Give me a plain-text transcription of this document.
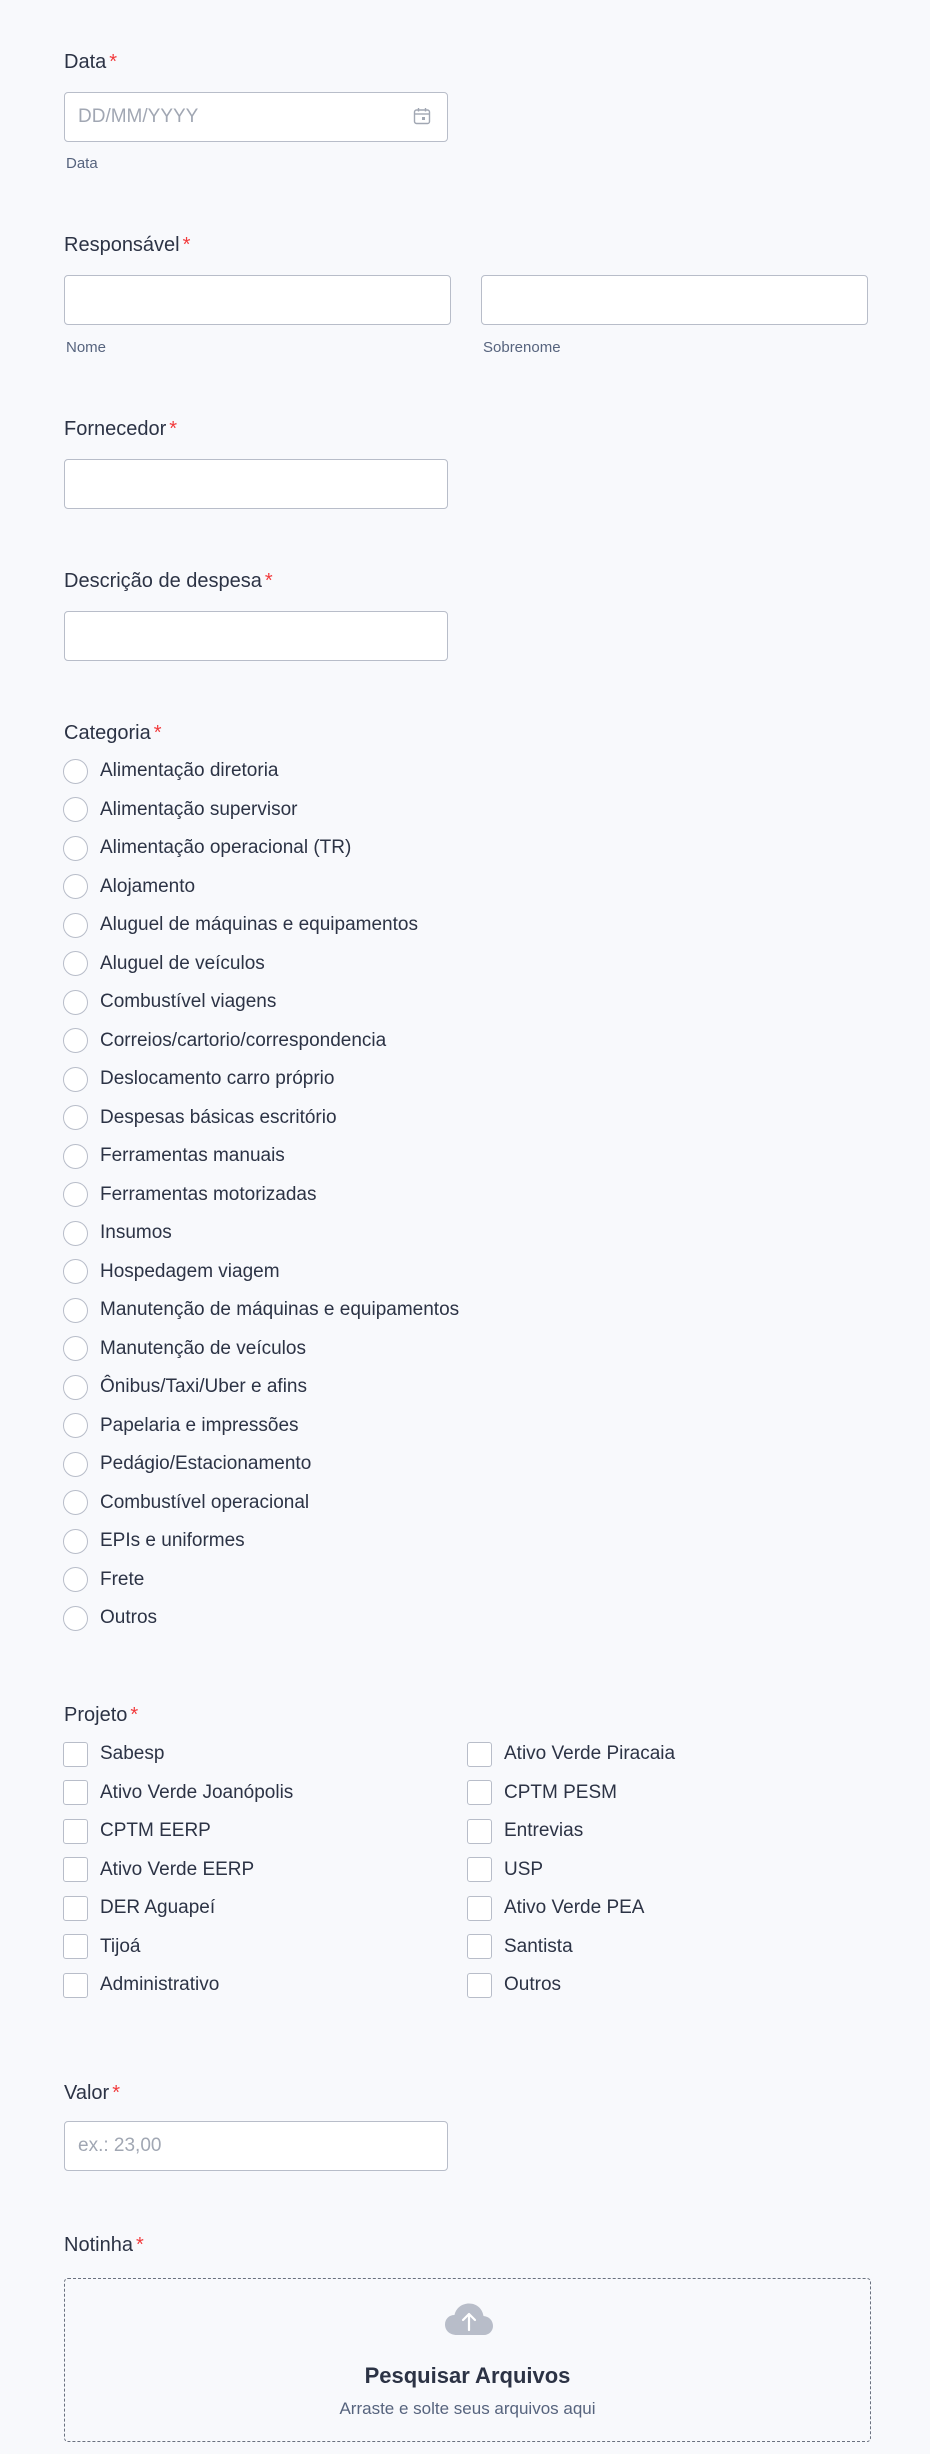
Data *
DD/MM/YYYY
Data
Responsável *
Nome	Sobrenome
Fornecedor *
Descrição de despesa *
Categoria *
Alimentação diretoria
Alimentação supervisor
Alimentação operacional (TR)
Alojamento
Aluguel de máquinas e equipamentos
Aluguel de veículos
Combustível viagens
Correios/cartorio/correspondencia
Deslocamento carro próprio
Despesas básicas escritório
Ferramentas manuais
Ferramentas motorizadas
Insumos
Hospedagem viagem
Manutenção de máquinas e equipamentos
Manutenção de veículos
Ônibus/Taxi/Uber e afins
Papelaria e impressões
Pedágio/Estacionamento
Combustível operacional
EPIs e uniformes
Frete
Outros
Projeto *
Sabesp
Ativo Verde Joanópolis
CPTM EERP
Ativo Verde EERP
DER Aguapeí
Tijoá
Administrativo
Ativo Verde Piracaia
CPTM PESM
Entrevias
USP
Ativo Verde PEA
Santista
Outros
Valor *
ex.: 23,00
Notinha *
Pesquisar Arquivos
Arraste e solte seus arquivos aqui
